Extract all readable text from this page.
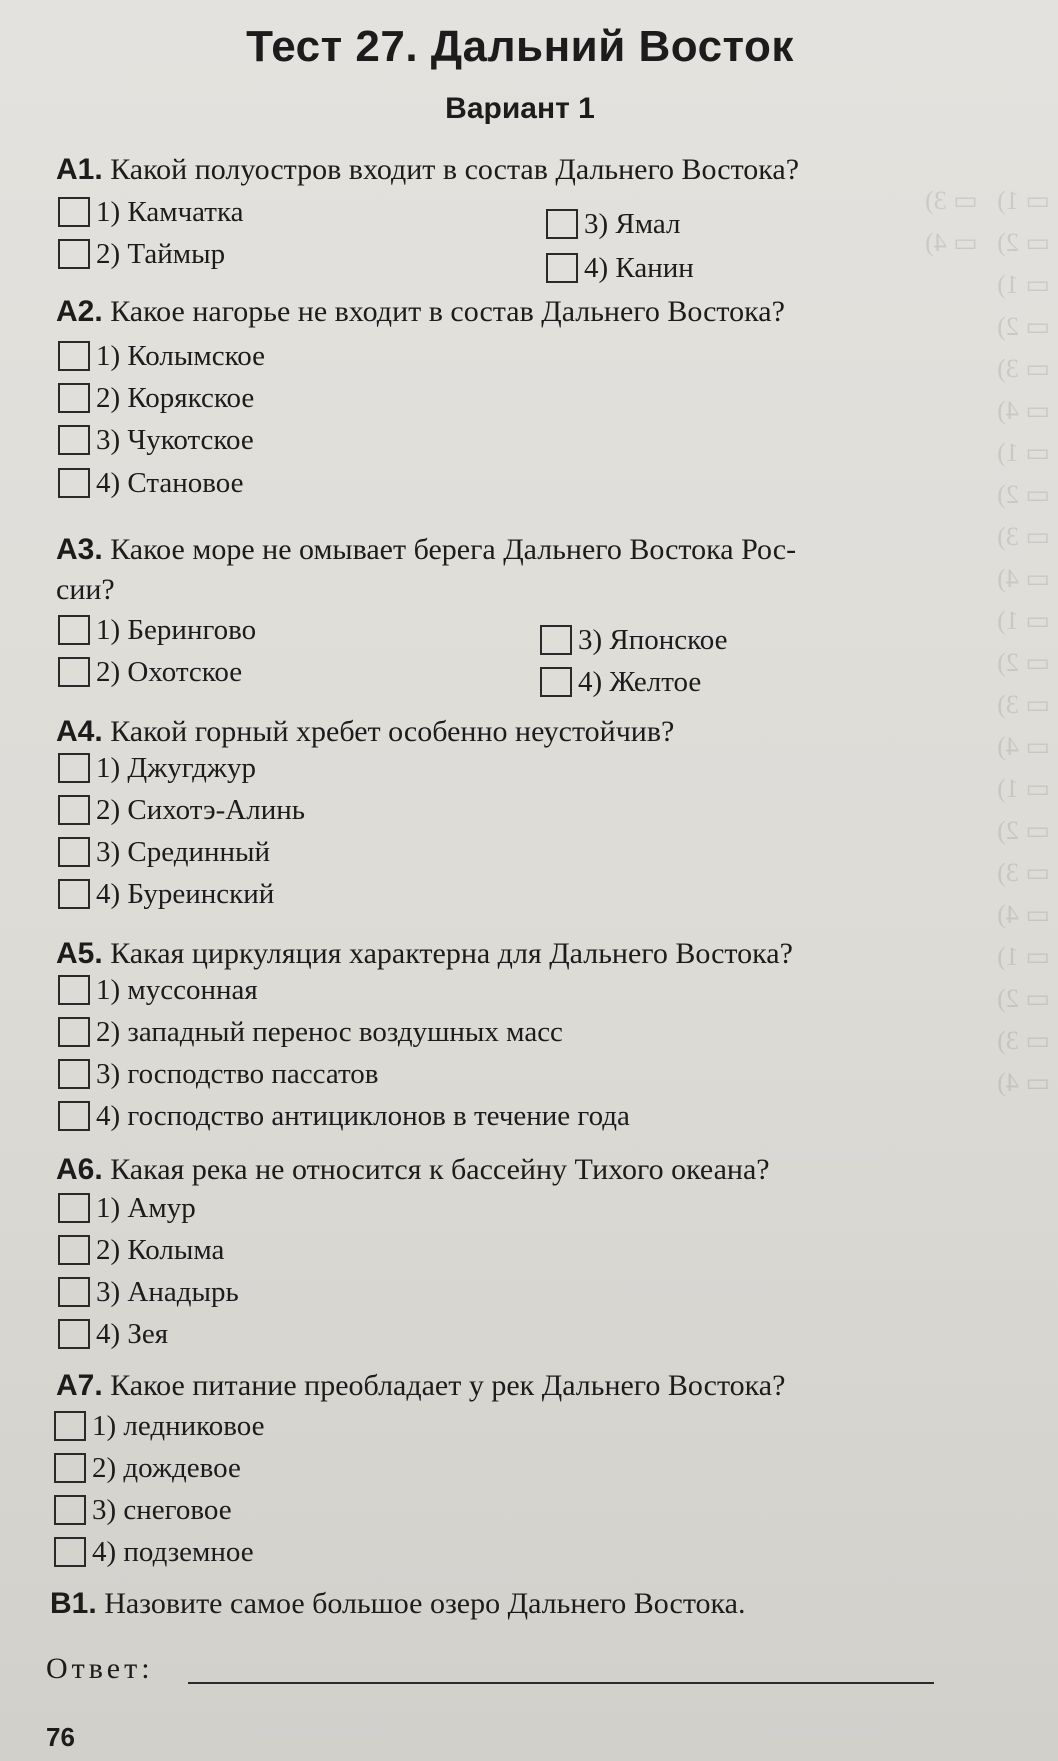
▭ 1)   ▭ 3)
▭ 2)   ▭ 4)
▭ 1)
▭ 2)
▭ 3)
▭ 4)
▭ 1)
▭ 2)
▭ 3)
▭ 4)
▭ 1)
▭ 2)
▭ 3)
▭ 4)
▭ 1)
▭ 2)
▭ 3)
▭ 4)
▭ 1)
▭ 2)
▭ 3)
▭ 4)
Тест 27. Дальний Восток
Вариант 1
А1. Какой полуостров входит в состав Дальнего Востока?
1) Камчатка
2) Таймыр
3) Ямал
4) Канин
А2. Какое нагорье не входит в состав Дальнего Востока?
1) Колымское
2) Корякское
3) Чукотское
4) Становое
А3. Какое море не омывает берега Дальнего Востока Рос-
сии?
1) Берингово
2) Охотское
3) Японское
4) Желтое
А4. Какой горный хребет особенно неустойчив?
1) Джугджур
2) Сихотэ-Алинь
3) Срединный
4) Буреинский
А5. Какая циркуляция характерна для Дальнего Востока?
1) муссонная
2) западный перенос воздушных масс
3) господство пассатов
4) господство антициклонов в течение года
А6. Какая река не относится к бассейну Тихого океана?
1) Амур
2) Колыма
3) Анадырь
4) Зея
А7. Какое питание преобладает у рек Дальнего Востока?
1) ледниковое
2) дождевое
3) снеговое
4) подземное
В1. Назовите самое большое озеро Дальнего Востока.
Ответ:
76
